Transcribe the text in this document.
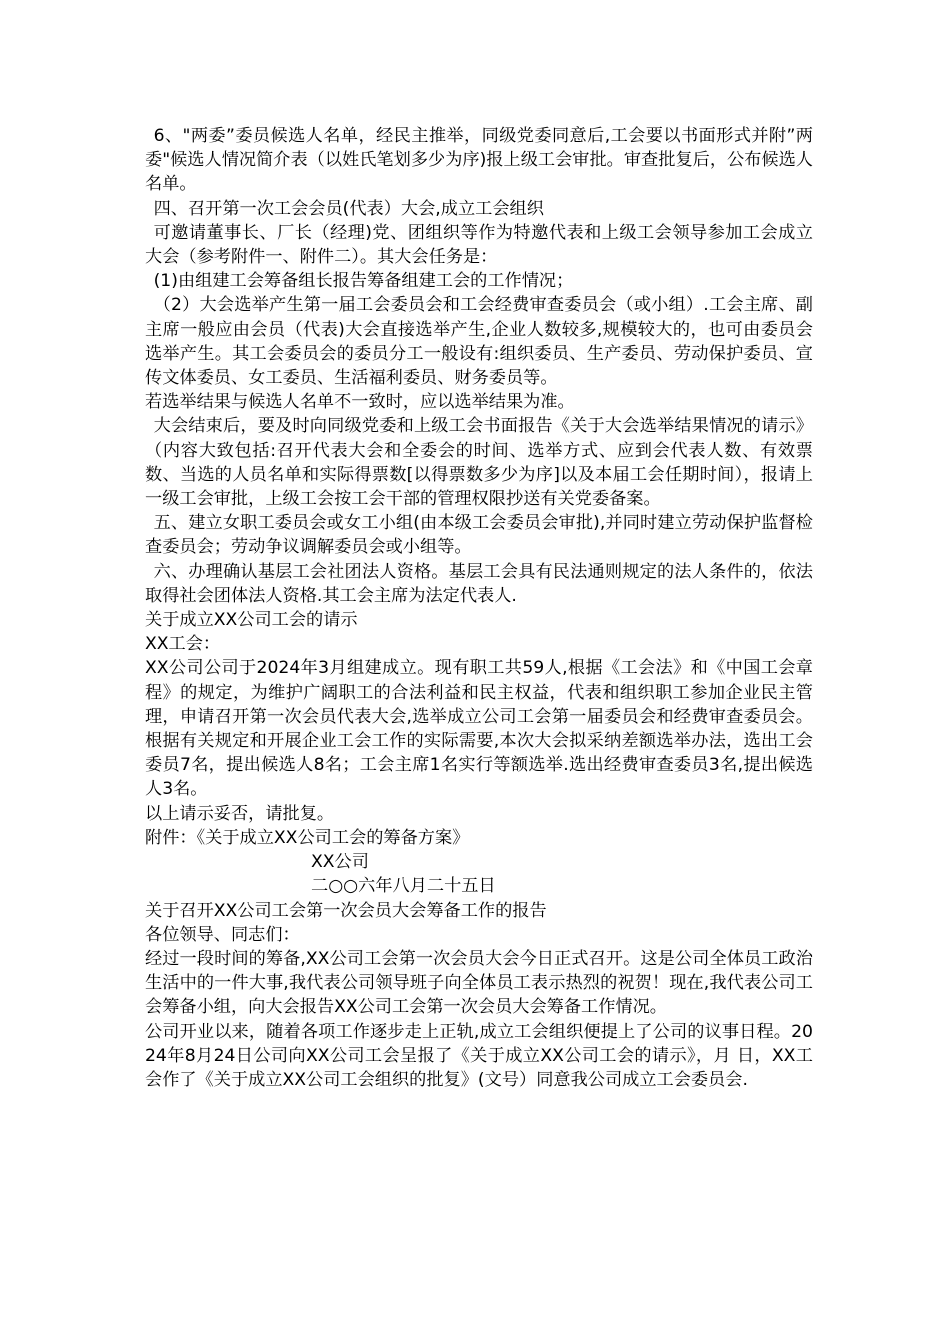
6、"两委”委员候选人名单，经民主推举，同级党委同意后,工会要以书面形式并附”两委"候选人情况简介表（以姓氏笔划多少为序)报上级工会审批。审查批复后，公布候选人名单。

四、召开第一次工会会员(代表）大会,成立工会组织

可邀请董事长、厂长（经理)党、团组织等作为特邀代表和上级工会领导参加工会成立大会（参考附件一、附件二）。其大会任务是：

(1)由组建工会筹备组长报告筹备组建工会的工作情况；

（2）大会选举产生第一届工会委员会和工会经费审查委员会（或小组）.工会主席、副主席一般应由会员（代表)大会直接选举产生,企业人数较多,规模较大的，也可由委员会选举产生。其工会委员会的委员分工一般设有:组织委员、生产委员、劳动保护委员、宣传文体委员、女工委员、生活福利委员、财务委员等。

若选举结果与候选人名单不一致时，应以选举结果为准。

大会结束后，要及时向同级党委和上级工会书面报告《关于大会选举结果情况的请示》（内容大致包括:召开代表大会和全委会的时间、选举方式、应到会代表人数、有效票数、当选的人员名单和实际得票数[以得票数多少为序]以及本届工会任期时间），报请上一级工会审批，上级工会按工会干部的管理权限抄送有关党委备案。

五、建立女职工委员会或女工小组(由本级工会委员会审批),并同时建立劳动保护监督检查委员会；劳动争议调解委员会或小组等。

六、办理确认基层工会社团法人资格。基层工会具有民法通则规定的法人条件的，依法取得社会团体法人资格.其工会主席为法定代表人.

关于成立XX公司工会的请示

XX工会：

XX公司公司于2024年3月组建成立。现有职工共59人,根据《工会法》和《中国工会章程》的规定，为维护广阔职工的合法利益和民主权益，代表和组织职工参加企业民主管理，申请召开第一次会员代表大会,选举成立公司工会第一届委员会和经费审查委员会。根据有关规定和开展企业工会工作的实际需要,本次大会拟采纳差额选举办法，选出工会委员7名，提出候选人8名；工会主席1名实行等额选举.选出经费审查委员3名,提出候选人3名。

以上请示妥否，请批复。

附件：《关于成立XX公司工会的筹备方案》

XX公司

二○○六年八月二十五日

关于召开XX公司工会第一次会员大会筹备工作的报告

各位领导、同志们：

经过一段时间的筹备,XX公司工会第一次会员大会今日正式召开。这是公司全体员工政治生活中的一件大事,我代表公司领导班子向全体员工表示热烈的祝贺！现在,我代表公司工会筹备小组，向大会报告XX公司工会第一次会员大会筹备工作情况。

公司开业以来，随着各项工作逐步走上正轨,成立工会组织便提上了公司的议事日程。2024年8月24日公司向XX公司工会呈报了《关于成立XX公司工会的请示》，月 日，XX工会作了《关于成立XX公司工会组织的批复》(文号）同意我公司成立工会委员会.
